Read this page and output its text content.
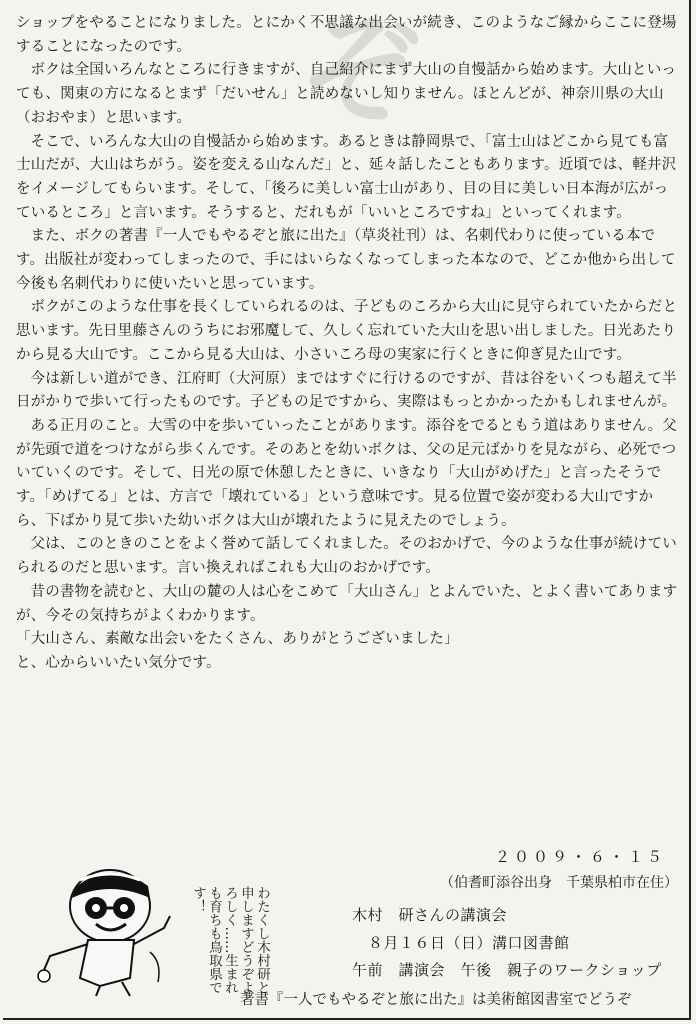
ぞ

ショップをやることになりました。とにかく不思議な出会いが続き、このようなご縁からここに登場することになったのです。

ボクは全国いろんなところに行きますが、自己紹介にまず大山の自慢話から始めます。大山といっても、関東の方になるとまず「だいせん」と読めないし知りません。ほとんどが、神奈川県の大山（おおやま）と思います。

そこで、いろんな大山の自慢話から始めます。あるときは静岡県で、「富士山はどこから見ても富士山だが、大山はちがう。姿を変える山なんだ」と、延々話したこともあります。近頃では、軽井沢をイメージしてもらいます。そして、「後ろに美しい富士山があり、目の目に美しい日本海が広がっているところ」と言います。そうすると、だれもが「いいところですね」といってくれます。

また、ボクの著書『一人でもやるぞと旅に出た』（草炎社刊）は、名刺代わりに使っている本です。出版社が変わってしまったので、手にはいらなくなってしまった本なので、どこか他から出して今後も名刺代わりに使いたいと思っています。

ボクがこのような仕事を長くしていられるのは、子どものころから大山に見守られていたからだと思います。先日里藤さんのうちにお邪魔して、久しく忘れていた大山を思い出しました。日光あたりから見る大山です。ここから見る大山は、小さいころ母の実家に行くときに仰ぎ見た山です。

今は新しい道ができ、江府町（大河原）まではすぐに行けるのですが、昔は谷をいくつも超えて半日がかりで歩いて行ったものです。子どもの足ですから、実際はもっとかかったかもしれませんが。

ある正月のこと。大雪の中を歩いていったことがあります。添谷をでるともう道はありません。父が先頭で道をつけながら歩くんです。そのあとを幼いボクは、父の足元ばかりを見ながら、必死でついていくのです。そして、日光の原で休憩したときに、いきなり「大山がめげた」と言ったそうです。「めげてる」とは、方言で「壊れている」という意味です。見る位置で姿が変わる大山ですから、下ばかり見て歩いた幼いボクは大山が壊れたように見えたのでしょう。

父は、このときのことをよく誉めて話してくれました。そのおかげで、今のような仕事が続けていられるのだと思います。言い換えればこれも大山のおかげです。

昔の書物を読むと、大山の麓の人は心をこめて「大山さん」とよんでいた、とよく書いてありますが、今その気持ちがよくわかります。

「大山さん、素敵な出会いをたくさん、ありがとうございました」

と、心からいいたい気分です。

２００９・６・１５
（伯耆町添谷出身　千葉県柏市在住）
わたくし木村研と申しますどうぞよろしく……生まれも育ちも鳥取県です！
木村　研さんの講演会
８月１６日（日）溝口図書館
午前　講演会　午後　親子のワークショップ
著書『一人でもやるぞと旅に出た』は美術館図書室でどうぞ
